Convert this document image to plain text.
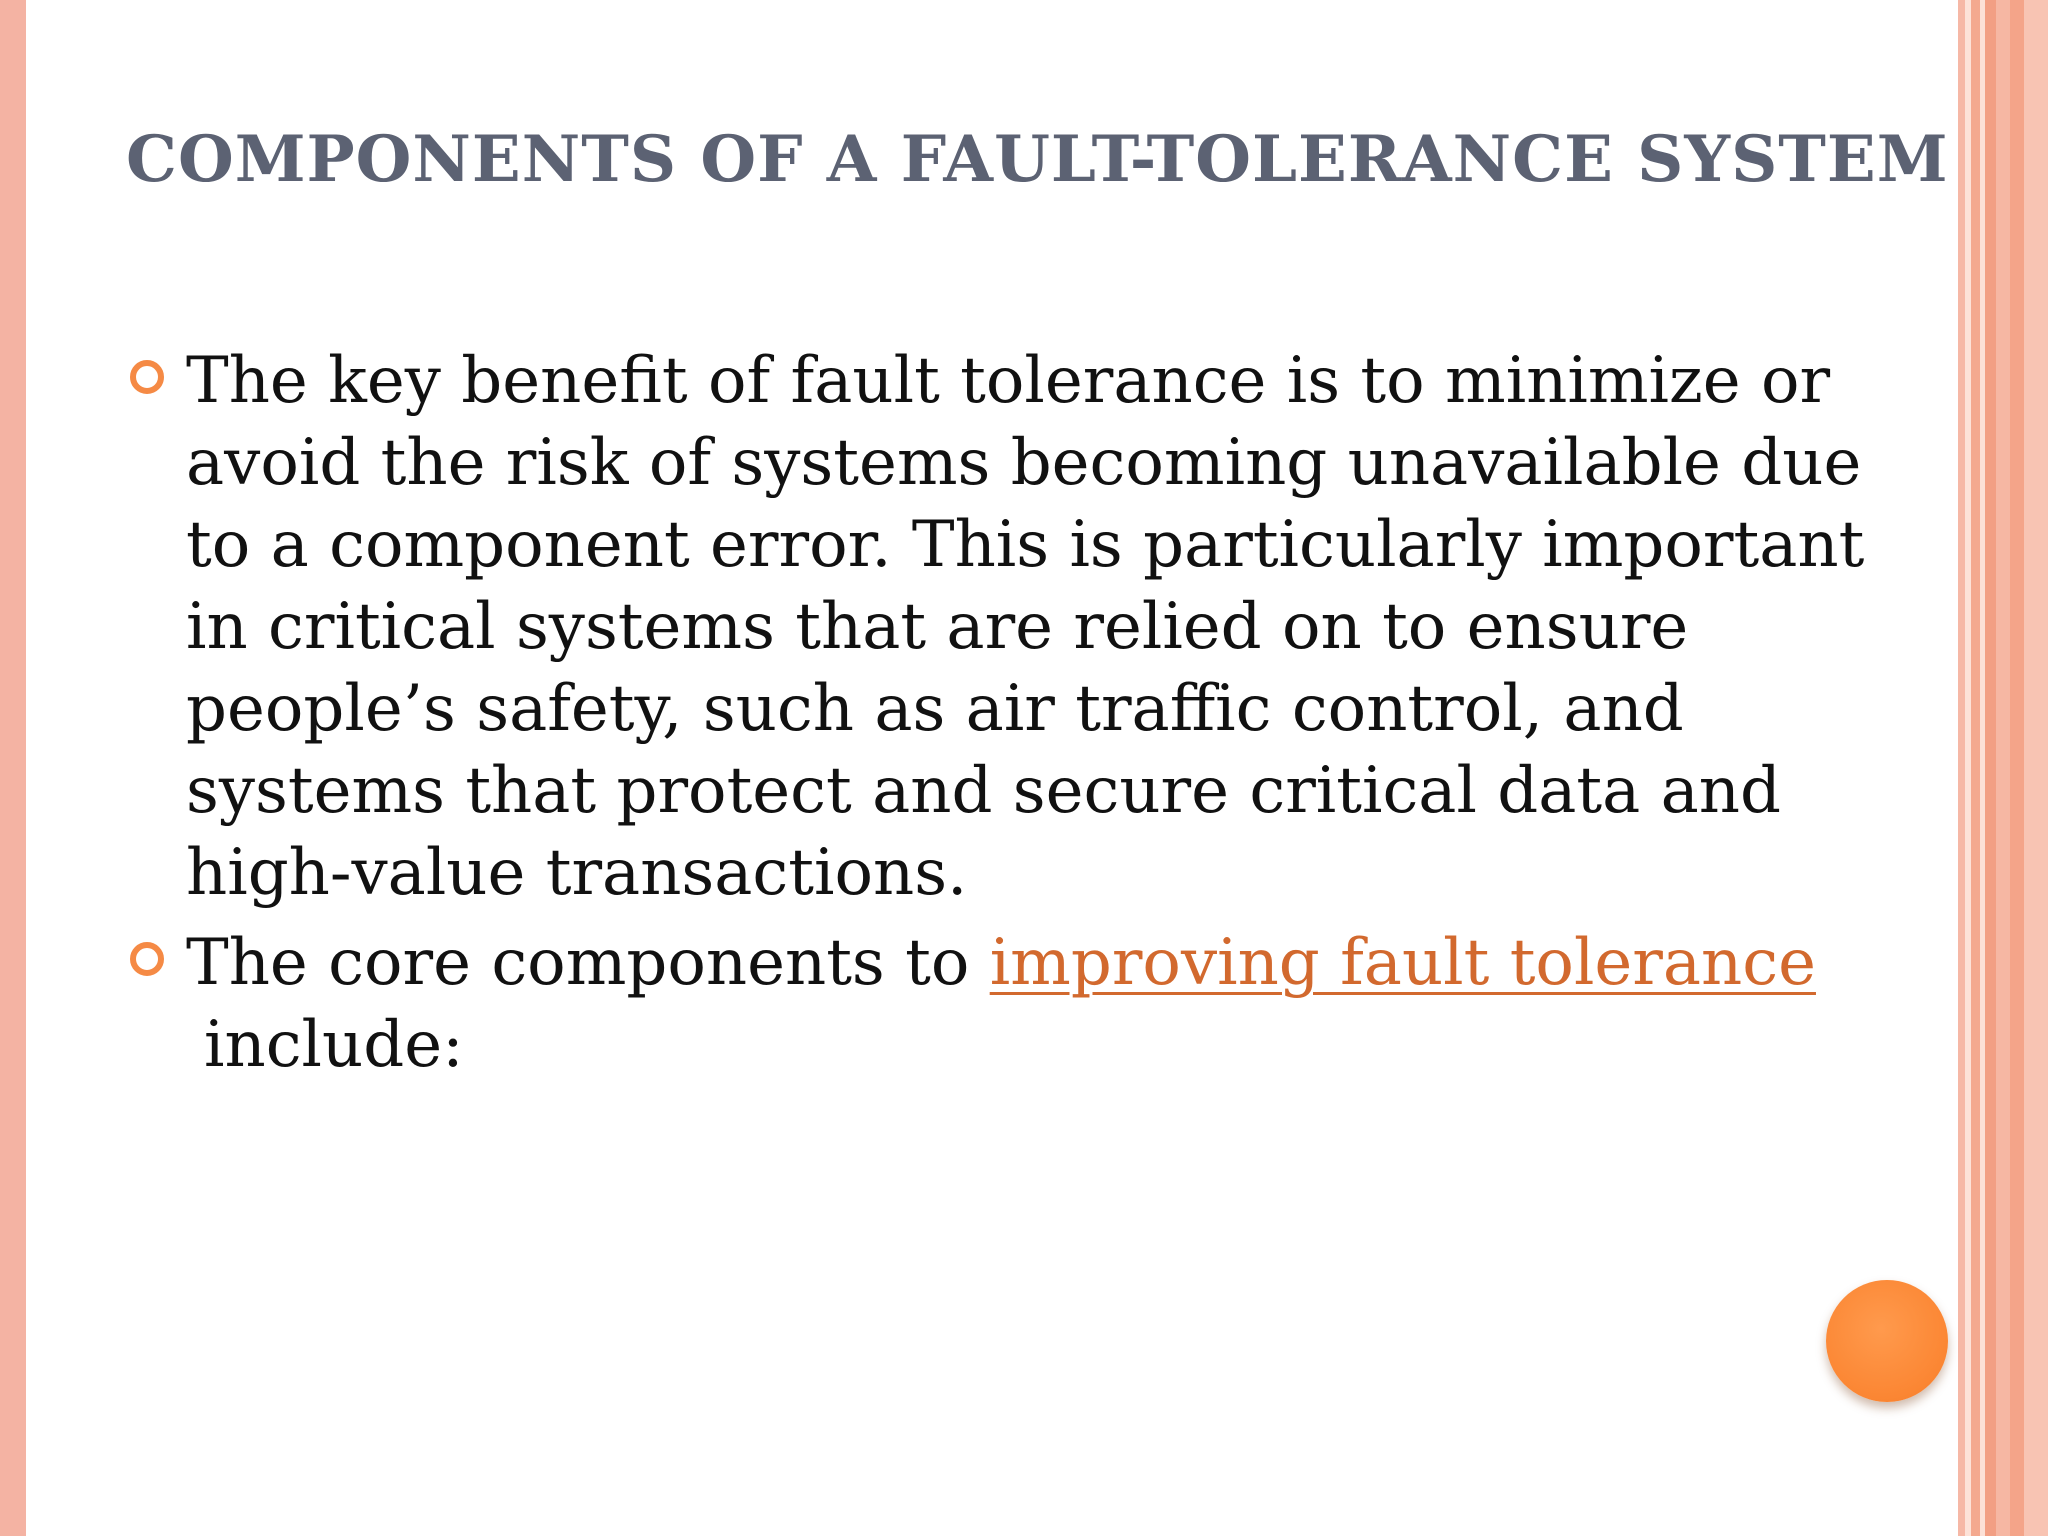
COMPONENTS OF A FAULT-TOLERANCE SYSTEM
The key benefit of fault tolerance is to minimize or avoid the risk of systems becoming unavailable due to a component error. This is particularly important in critical systems that are relied on to ensure people’s safety, such as air traffic control, and systems that protect and secure critical data and high-value transactions.
The core components to improving fault tolerance
include:
